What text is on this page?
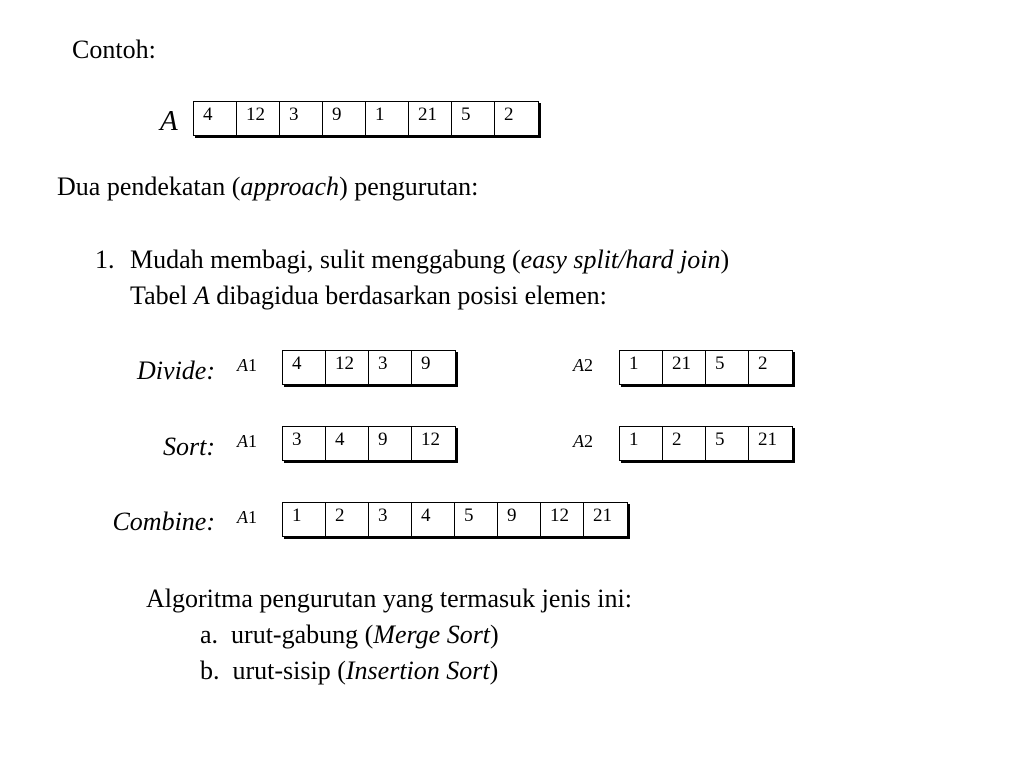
Contoh:
A	4	12	3	9	1	21	5	2
Dua pendekatan (approach) pengurutan:
1. Mudah membagi, sulit menggabung (easy split/hard join)
Tabel A dibagidua berdasarkan posisi elemen:
Divide: A1	4	12	3	9	A2	1	21	5	2
Sort: A1	3	4	9	12	A2	1	2	5	21
Combine: A1	1	2	3	4	5	9	12	21
Algoritma pengurutan yang termasuk jenis ini:
a. urut-gabung (Merge Sort)
b. urut-sisip (Insertion Sort)
